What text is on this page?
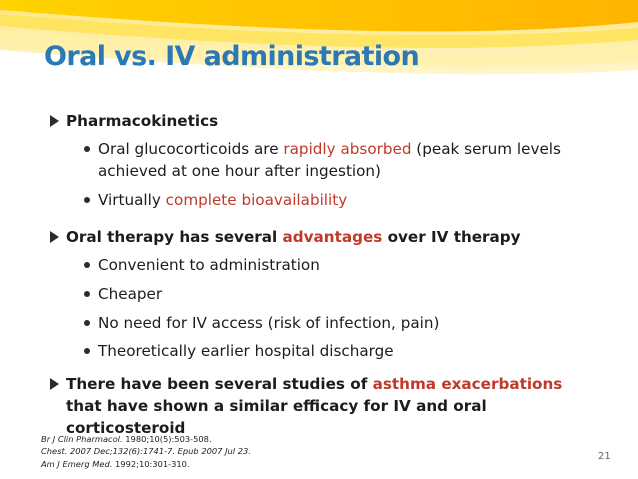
Oral vs. IV administration
Pharmacokinetics
Oral glucocorticoids are rapidly absorbed (peak serum levels achieved at one hour after ingestion)
Virtually complete bioavailability
Oral therapy has several advantages over IV therapy
Convenient to administration
Cheaper
No need for IV access (risk of infection, pain)
Theoretically earlier hospital discharge
There have been several studies of asthma exacerbations that have shown a similar efficacy for IV and oral corticosteroid
Br J Clin Pharmacol. 1980;10(5):503-508.
Chest. 2007 Dec;132(6):1741-7. Epub 2007 Jul 23.
Am J Emerg Med. 1992;10:301-310.
21
